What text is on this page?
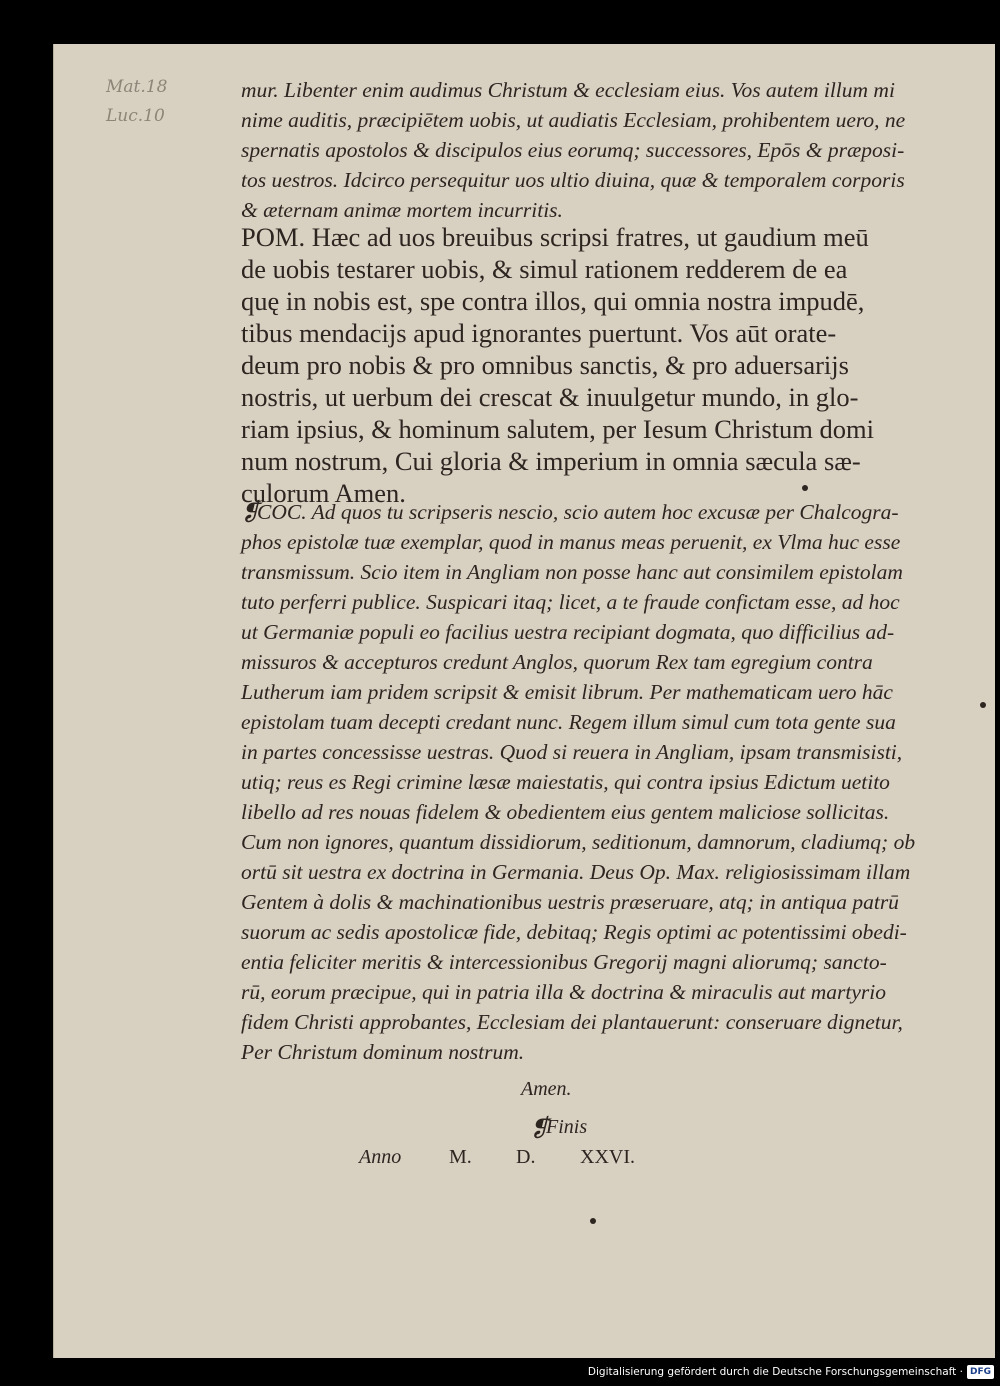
Mat.18
Luc.10
mur. Libenter enim audimus Christum & ecclesiam eius. Vos autem illum mi
nime auditis, præcipiētem uobis, ut audiatis Ecclesiam, prohibentem uero, ne
spernatis apostolos & discipulos eius eorumq; successores, Epōs & præposi-
tos uestros. Idcirco persequitur uos ultio diuina, quæ & temporalem corporis
& æternam animæ mortem incurritis.
POM. Hæc ad uos breuibus scripsi fratres, ut gaudium meū
de uobis testarer uobis, & simul rationem redderem de ea
quę in nobis est, spe contra illos, qui omnia nostra impudē,
tibus mendacijs apud ignorantes puertunt. Vos aūt orate-
deum pro nobis & pro omnibus sanctis, & pro aduersarijs
nostris, ut uerbum dei crescat & inuulgetur mundo, in glo-
riam ipsius, & hominum salutem, per Iesum Christum domi
num nostrum, Cui gloria & imperium in omnia sæcula sæ-
culorum Amen.
❡
COC. Ad quos tu scripseris nescio, scio autem hoc excusæ per Chalcogra-
phos epistolæ tuæ exemplar, quod in manus meas peruenit, ex Vlma huc esse
transmissum. Scio item in Angliam non posse hanc aut consimilem epistolam
tuto perferri publice. Suspicari itaq; licet, a te fraude confictam esse, ad hoc
ut Germaniæ populi eo facilius uestra recipiant dogmata, quo difficilius ad-
missuros & accepturos credunt Anglos, quorum Rex tam egregium contra
Lutherum iam pridem scripsit & emisit librum. Per mathematicam uero hāc
epistolam tuam decepti credant nunc. Regem illum simul cum tota gente sua
in partes concessisse uestras. Quod si reuera in Angliam, ipsam transmisisti,
utiq; reus es Regi crimine læsæ maiestatis, qui contra ipsius Edictum uetito
libello ad res nouas fidelem & obedientem eius gentem maliciose sollicitas.
Cum non ignores, quantum dissidiorum, seditionum, damnorum, cladiumq; ob
ortū sit uestra ex doctrina in Germania. Deus Op. Max. religiosissimam illam
Gentem à dolis & machinationibus uestris præseruare, atq; in antiqua patrū
suorum ac sedis apostolicæ fide, debitaq; Regis optimi ac potentissimi obedi-
entia feliciter meritis & intercessionibus Gregorij magni aliorumq; sancto-
rū, eorum præcipue, qui in patria illa & doctrina & miraculis aut martyrio
fidem Christi approbantes, Ecclesiam dei plantauerunt: conseruare dignetur,
Per Christum dominum nostrum.
Amen.
❡
Finis
Anno M. D. XXVI.
Digitalisierung gefördert durch die Deutsche Forschungsgemeinschaft · DFG
